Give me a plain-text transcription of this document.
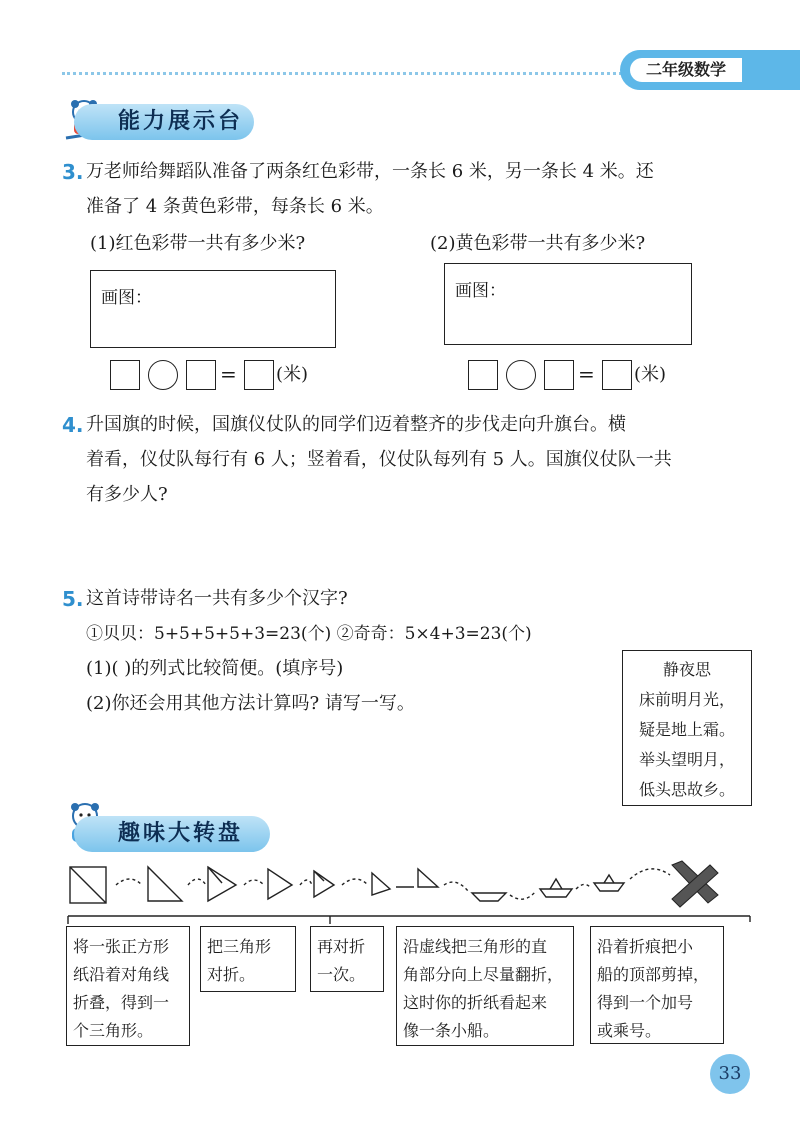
二年级数学
能力展示台
3. 万老师给舞蹈队准备了两条红色彩带，一条长 6 米，另一条长 4 米。还
准备了 4 条黄色彩带，每条长 6 米。
(1)红色彩带一共有多少米?	(2)黄色彩带一共有多少米?
画图：	画图：
= (米)	= (米)
4. 升国旗的时候，国旗仪仗队的同学们迈着整齐的步伐走向升旗台。横
着看，仪仗队每行有 6 人；竖着看，仪仗队每列有 5 人。国旗仪仗队一共
有多少人?
5. 这首诗带诗名一共有多少个汉字?
①贝贝：5+5+5+5+3=23(个) ②奇奇：5×4+3=23(个)
(1)( )的列式比较简便。(填序号)
(2)你还会用其他方法计算吗? 请写一写。
静夜思
床前明月光，
疑是地上霜。
举头望明月，
低头思故乡。
趣味大转盘
将一张正方形
纸沿着对角线
折叠，得到一
个三角形。
把三角形
对折。
再对折
一次。
沿虚线把三角形的直
角部分向上尽量翻折，
这时你的折纸看起来
像一条小船。
沿着折痕把小
船的顶部剪掉，
得到一个加号
或乘号。
33
